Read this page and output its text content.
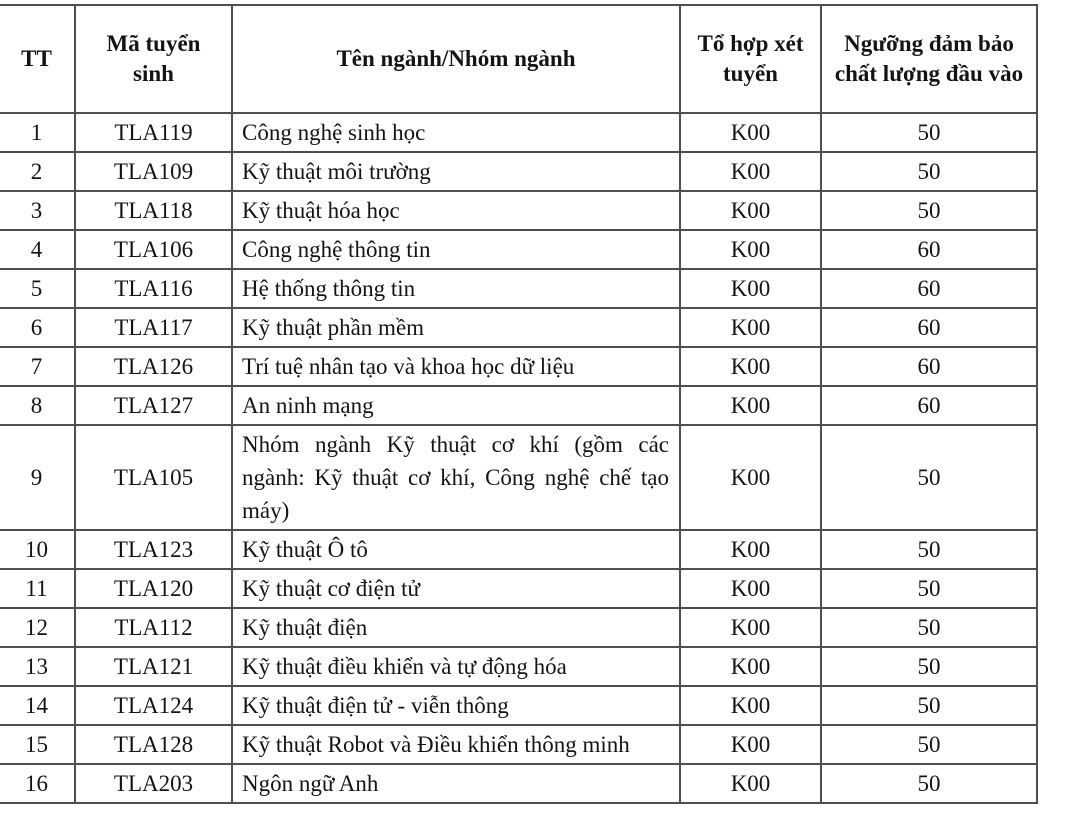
TT	Mã tuyển sinh	Tên ngành/Nhóm ngành	Tổ hợp xét tuyển	Ngưỡng đảm bảo chất lượng đầu vào
1	TLA119	Công nghệ sinh học	K00	50
2	TLA109	Kỹ thuật môi trường	K00	50
3	TLA118	Kỹ thuật hóa học	K00	50
4	TLA106	Công nghệ thông tin	K00	60
5	TLA116	Hệ thống thông tin	K00	60
6	TLA117	Kỹ thuật phần mềm	K00	60
7	TLA126	Trí tuệ nhân tạo và khoa học dữ liệu	K00	60
8	TLA127	An ninh mạng	K00	60
9	TLA105	Nhóm ngành Kỹ thuật cơ khí (gồm các ngành: Kỹ thuật cơ khí, Công nghệ chế tạo máy)	K00	50
10	TLA123	Kỹ thuật Ô tô	K00	50
11	TLA120	Kỹ thuật cơ điện tử	K00	50
12	TLA112	Kỹ thuật điện	K00	50
13	TLA121	Kỹ thuật điều khiển và tự động hóa	K00	50
14	TLA124	Kỹ thuật điện tử - viễn thông	K00	50
15	TLA128	Kỹ thuật Robot và Điều khiển thông minh	K00	50
16	TLA203	Ngôn ngữ Anh	K00	50
